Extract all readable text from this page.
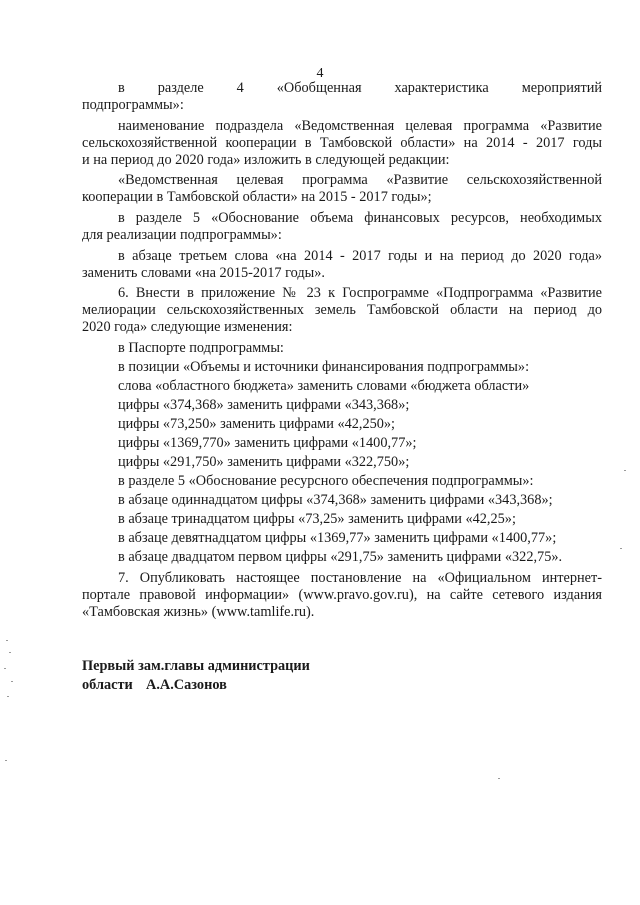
4
в разделе 4 «Обобщенная характеристика мероприятий
подпрограммы»:
наименование подраздела «Ведомственная целевая программа «Развитие
сельскохозяйственной кооперации в Тамбовской области» на 2014 - 2017 годы
и на период до 2020 года» изложить в следующей редакции:
«Ведомственная целевая программа «Развитие сельскохозяйственной
кооперации в Тамбовской области» на 2015 - 2017 годы»;
в разделе 5 «Обоснование объема финансовых ресурсов, необходимых
для реализации подпрограммы»:
в абзаце третьем слова «на 2014 - 2017 годы и на период до 2020 года»
заменить словами «на 2015-2017 годы».
6. Внести в приложение № 23 к Госпрограмме «Подпрограмма «Развитие
мелиорации сельскохозяйственных земель Тамбовской области на период до
2020 года» следующие изменения:
в Паспорте подпрограммы:
в позиции «Объемы и источники финансирования подпрограммы»:
слова «областного бюджета» заменить словами «бюджета области»
цифры «374,368» заменить цифрами «343,368»;
цифры «73,250» заменить цифрами «42,250»;
цифры «1369,770» заменить цифрами «1400,77»;
цифры «291,750» заменить цифрами «322,750»;
в разделе 5 «Обоснование ресурсного обеспечения подпрограммы»:
в абзаце одиннадцатом цифры «374,368» заменить цифрами «343,368»;
в абзаце тринадцатом цифры «73,25» заменить цифрами «42,25»;
в абзаце девятнадцатом цифры «1369,77» заменить цифрами «1400,77»;
в абзаце двадцатом первом цифры «291,75» заменить цифрами «322,75».
7. Опубликовать настоящее постановление на «Официальном интернет-
портале правовой информации» (www.pravo.gov.ru), на сайте сетевого издания
«Тамбовская жизнь» (www.tamlife.ru).
Первый зам.главы администрации
области А.А.Сазонов
